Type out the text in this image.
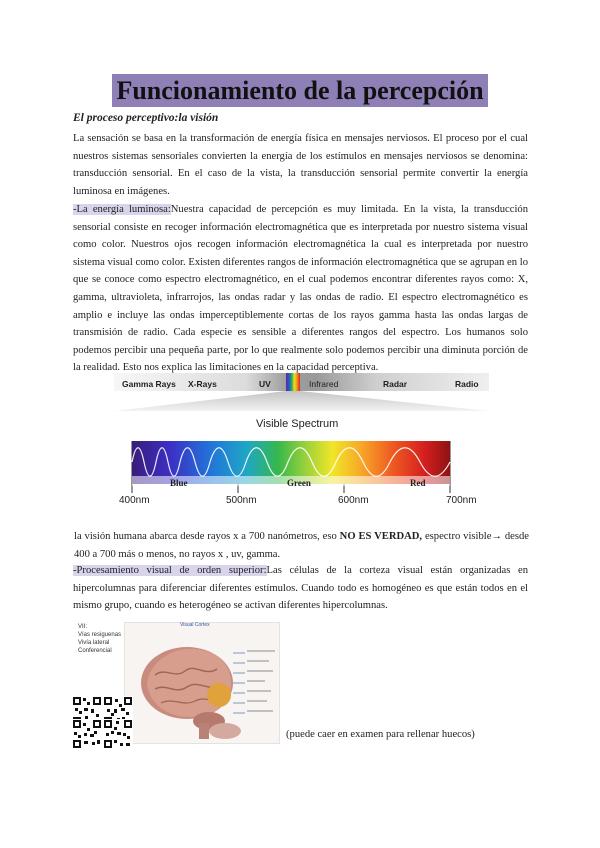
Funcionamiento de la percepción

El proceso perceptivo:la visión

La sensación se basa en la transformación de energía física en mensajes nerviosos. El proceso por el cual nuestros sistemas sensoriales convierten la energía de los estímulos en mensajes nerviosos se denomina: transducción sensorial. En el caso de la vista, la transducción sensorial permite convertir la energía luminosa en imágenes.

-La energía luminosa:Nuestra capacidad de percepción es muy limitada. En la vista, la transducción sensorial consiste en recoger información electromagnética que es interpretada por nuestro sistema visual como color. Nuestros ojos recogen información electromagnética la cual es interpretada por nuestro sistema visual como color. Existen diferentes rangos de información electromagnética que se agrupan en lo que se conoce como espectro electromagnético, en el cual podemos encontrar diferentes rayos como: X, gamma, ultravioleta, infrarrojos, las ondas radar y las ondas de radio. El espectro electromagnético es amplio e incluye las ondas imperceptiblemente cortas de los rayos gamma hasta las ondas largas de transmisión de radio. Cada especie es sensible a diferentes rangos del espectro. Los humanos solo podemos percibir una pequeña parte, por lo que realmente solo podemos percibir una diminuta porción de la realidad. Esto nos explica las limitaciones en la capacidad perceptiva.

Gamma Rays X-Rays	UV	Infrared	Radar	Radio
Visible Spectrum
Blue	Green	Red
400nm	500nm	600nm	700nm

la visión humana abarca desde rayos x a 700 nanómetros, eso NO ES VERDAD, espectro visible→ desde 400 a 700 más o menos, no rayos x , uv, gamma.

-Procesamiento visual de orden superior:Las células de la corteza visual están organizadas en hipercolumnas para diferenciar diferentes estímulos. Cuando todo es homogéneo es que están todos en el mismo grupo, cuando es heterogéneo se activan diferentes hipercolumnas.

VII:
Vías resiguenas
Vivía lateral
Conferencial
Visual Cortex

(puede caer en examen para rellenar huecos)
